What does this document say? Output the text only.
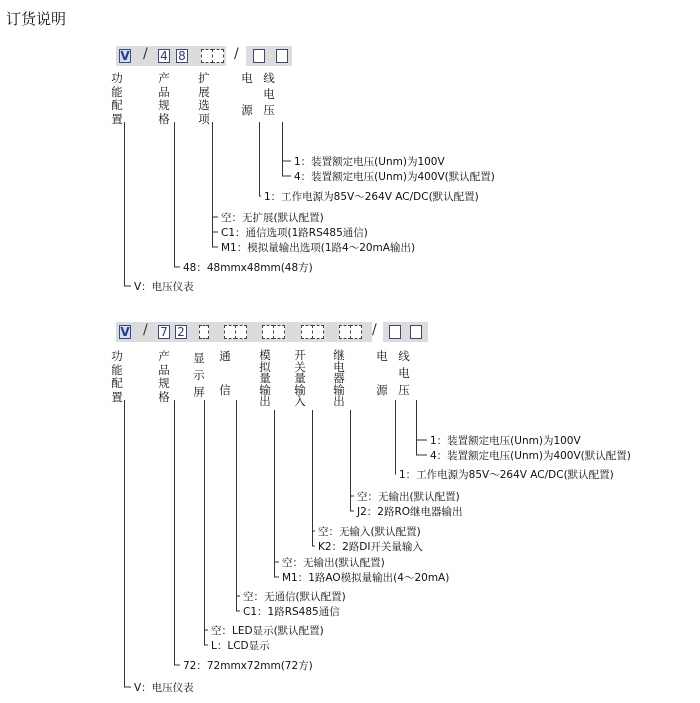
订货说明
V / 4 8	/
功能配置
产品规格
扩展选项
电
源
线
电
压
1：装置额定电压(Unm)为100V
4：装置额定电压(Unm)为400V(默认配置)
1：工作电源为85V～264V AC/DC(默认配置)
空：无扩展(默认配置)
C1：通信选项(1路RS485通信)
M1：模拟量输出选项(1路4～20mA输出)
48：48mmx48mm(48方)
V：电压仪表
V / 7 2	/
功能配置
产品规格
显示屏
通
信
模拟量输出
开关量输入
继电器输出
电
源
线
电
压
1：装置额定电压(Unm)为100V
4：装置额定电压(Unm)为400V(默认配置)
1：工作电源为85V～264V AC/DC(默认配置)
空：无输出(默认配置)
J2：2路RO继电器输出
空：无输入(默认配置)
K2：2路DI开关量输入
空：无输出(默认配置)
M1：1路AO模拟量输出(4～20mA)
空：无通信(默认配置)
C1：1路RS485通信
空：LED显示(默认配置)
L：LCD显示
72：72mmx72mm(72方)
V：电压仪表
